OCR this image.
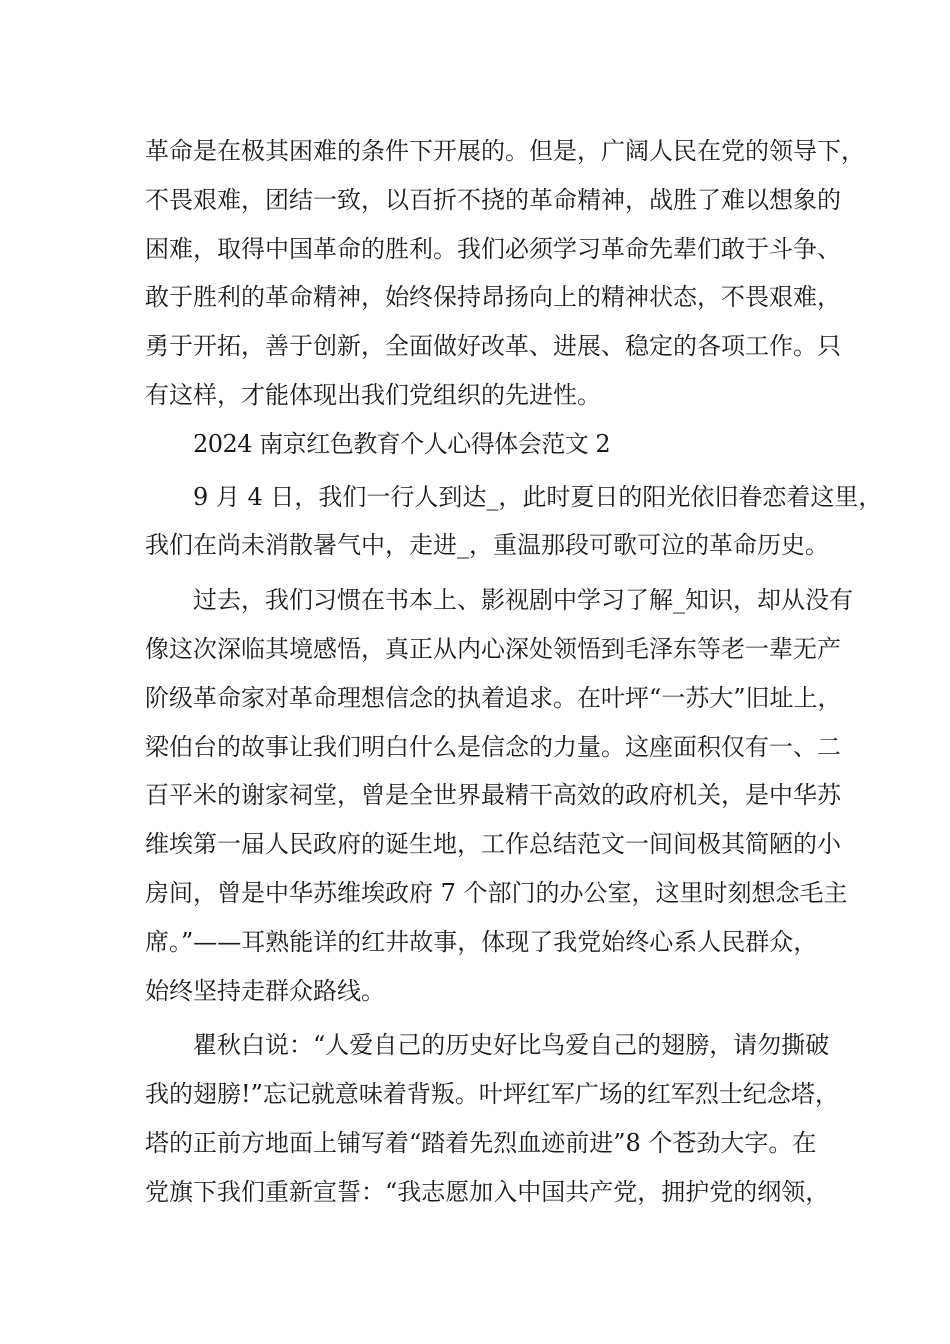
革命是在极其困难的条件下开展的。但是，广阔人民在党的领导下，
不畏艰难，团结一致，以百折不挠的革命精神，战胜了难以想象的
困难，取得中国革命的胜利。我们必须学习革命先辈们敢于斗争、
敢于胜利的革命精神，始终保持昂扬向上的精神状态，不畏艰难，
勇于开拓，善于创新，全面做好改革、进展、稳定的各项工作。只
有这样，才能体现出我们党组织的先进性。
2024 南京红色教育个人心得体会范文 2
9 月 4 日，我们一行人到达_，此时夏日的阳光依旧眷恋着这里，
我们在尚未消散暑气中，走进_，重温那段可歌可泣的革命历史。
过去，我们习惯在书本上、影视剧中学习了解_知识，却从没有
像这次深临其境感悟，真正从内心深处领悟到毛泽东等老一辈无产
阶级革命家对革命理想信念的执着追求。在叶坪“一苏大”旧址上，
梁伯台的故事让我们明白什么是信念的力量。这座面积仅有一、二
百平米的谢家祠堂，曾是全世界最精干高效的政府机关，是中华苏
维埃第一届人民政府的诞生地，工作总结范文一间间极其简陋的小
房间，曾是中华苏维埃政府 7 个部门的办公室，这里时刻想念毛主
席。”——耳熟能详的红井故事，体现了我党始终心系人民群众，
始终坚持走群众路线。
瞿秋白说：“人爱自己的历史好比鸟爱自己的翅膀，请勿撕破
我的翅膀!”忘记就意味着背叛。叶坪红军广场的红军烈士纪念塔，
塔的正前方地面上铺写着“踏着先烈血迹前进”8 个苍劲大字。在
党旗下我们重新宣誓：“我志愿加入中国共产党，拥护党的纲领，
